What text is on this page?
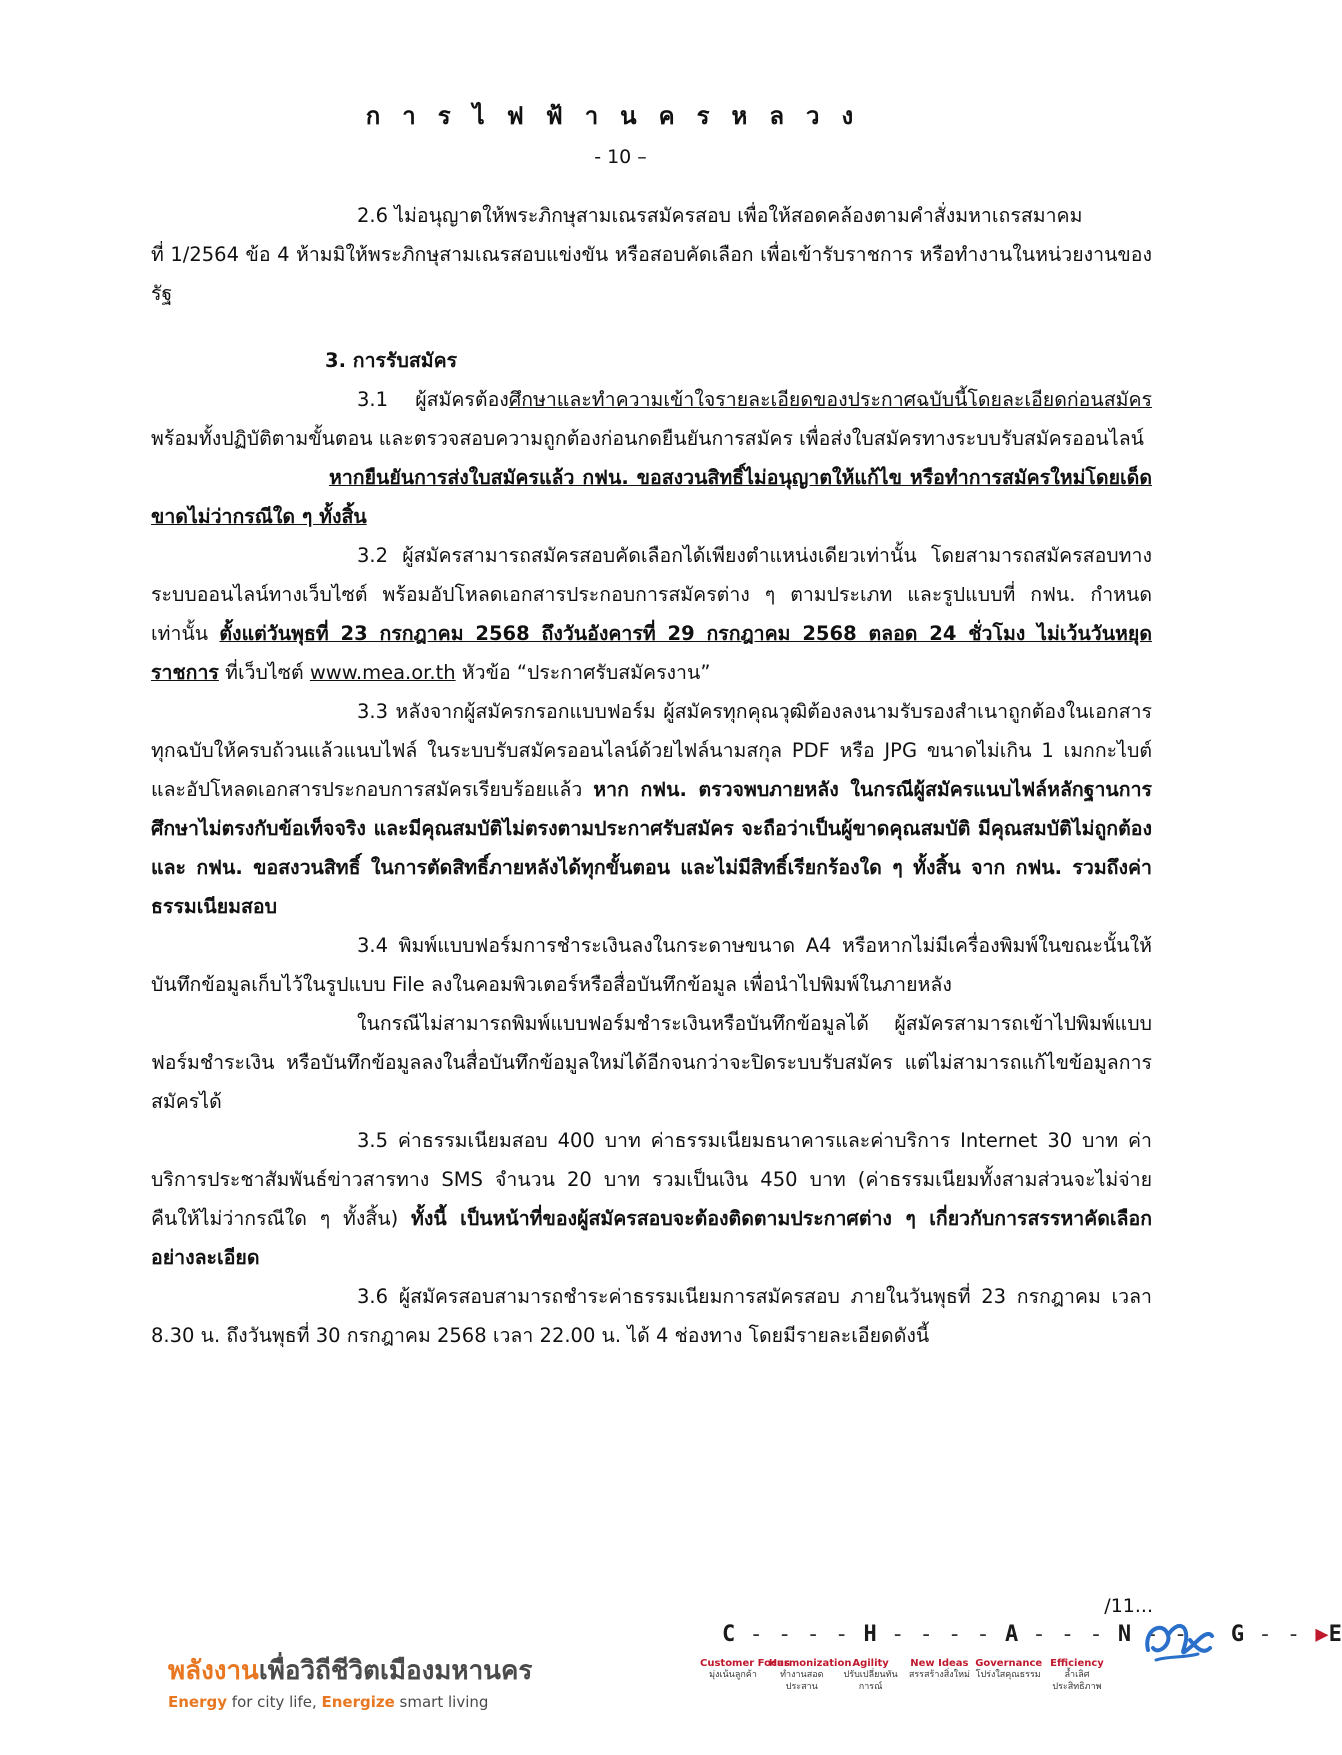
การไฟฟ้านครหลวง
- 10 –

2.6 ไม่อนุญาตให้พระภิกษุสามเณรสมัครสอบ เพื่อให้สอดคล้องตามคำสั่งมหาเถรสมาคม

ที่ 1/2564 ข้อ 4 ห้ามมิให้พระภิกษุสามเณรสอบแข่งขัน หรือสอบคัดเลือก เพื่อเข้ารับราชการ หรือทำงานในหน่วยงานของรัฐ

3. การรับสมัคร

3.1 ผู้สมัครต้องศึกษาและทำความเข้าใจรายละเอียดของประกาศฉบับนี้โดยละเอียดก่อนสมัครพร้อมทั้งปฏิบัติตามขั้นตอน และตรวจสอบความถูกต้องก่อนกดยืนยันการสมัคร เพื่อส่งใบสมัครทางระบบรับสมัครออนไลน์

หากยืนยันการส่งใบสมัครแล้ว กฟน. ขอสงวนสิทธิ์ไม่อนุญาตให้แก้ไข หรือทำการสมัครใหม่โดยเด็ดขาดไม่ว่ากรณีใด ๆ ทั้งสิ้น

3.2 ผู้สมัครสามารถสมัครสอบคัดเลือกได้เพียงตำแหน่งเดียวเท่านั้น โดยสามารถสมัครสอบทางระบบออนไลน์ทางเว็บไซต์ พร้อมอัปโหลดเอกสารประกอบการสมัครต่าง ๆ ตามประเภท และรูปแบบที่ กฟน. กำหนดเท่านั้น ตั้งแต่วันพุธที่ 23 กรกฎาคม 2568 ถึงวันอังคารที่ 29 กรกฎาคม 2568 ตลอด 24 ชั่วโมง ไม่เว้นวันหยุดราชการ ที่เว็บไซต์ www.mea.or.th หัวข้อ “ประกาศรับสมัครงาน”

3.3 หลังจากผู้สมัครกรอกแบบฟอร์ม ผู้สมัครทุกคุณวุฒิต้องลงนามรับรองสำเนาถูกต้องในเอกสารทุกฉบับให้ครบถ้วนแล้วแนบไฟล์ ในระบบรับสมัครออนไลน์ด้วยไฟล์นามสกุล PDF หรือ JPG ขนาดไม่เกิน 1 เมกกะไบต์ และอัปโหลดเอกสารประกอบการสมัครเรียบร้อยแล้ว หาก กฟน. ตรวจพบภายหลัง ในกรณีผู้สมัครแนบไฟล์หลักฐานการศึกษาไม่ตรงกับข้อเท็จจริง และมีคุณสมบัติไม่ตรงตามประกาศรับสมัคร จะถือว่าเป็นผู้ขาดคุณสมบัติ มีคุณสมบัติไม่ถูกต้อง และ กฟน. ขอสงวนสิทธิ์ ในการตัดสิทธิ์ภายหลังได้ทุกขั้นตอน และไม่มีสิทธิ์เรียกร้องใด ๆ ทั้งสิ้น จาก กฟน. รวมถึงค่าธรรมเนียมสอบ

3.4 พิมพ์แบบฟอร์มการชำระเงินลงในกระดาษขนาด A4 หรือหากไม่มีเครื่องพิมพ์ในขณะนั้นให้บันทึกข้อมูลเก็บไว้ในรูปแบบ File ลงในคอมพิวเตอร์หรือสื่อบันทึกข้อมูล เพื่อนำไปพิมพ์ในภายหลัง

ในกรณีไม่สามารถพิมพ์แบบฟอร์มชำระเงินหรือบันทึกข้อมูลได้ ผู้สมัครสามารถเข้าไปพิมพ์แบบฟอร์มชำระเงิน หรือบันทึกข้อมูลลงในสื่อบันทึกข้อมูลใหม่ได้อีกจนกว่าจะปิดระบบรับสมัคร แต่ไม่สามารถแก้ไขข้อมูลการสมัครได้

3.5 ค่าธรรมเนียมสอบ 400 บาท ค่าธรรมเนียมธนาคารและค่าบริการ Internet 30 บาท ค่าบริการประชาสัมพันธ์ข่าวสารทาง SMS จำนวน 20 บาท รวมเป็นเงิน 450 บาท (ค่าธรรมเนียมทั้งสามส่วนจะไม่จ่ายคืนให้ไม่ว่ากรณีใด ๆ ทั้งสิ้น) ทั้งนี้ เป็นหน้าที่ของผู้สมัครสอบจะต้องติดตามประกาศต่าง ๆ เกี่ยวกับการสรรหาคัดเลือกอย่างละเอียด

3.6 ผู้สมัครสอบสามารถชำระค่าธรรมเนียมการสมัครสอบ ภายในวันพุธที่ 23 กรกฎาคม เวลา 8.30 น. ถึงวันพุธที่ 30 กรกฎาคม 2568 เวลา 22.00 น. ได้ 4 ช่องทาง โดยมีรายละเอียดดังนี้

/11...
พลังงานเพื่อวิถีชีวิตเมืองมหานคร
Energy for city life, Energize smart living
C - - - - H - - - - A - - - N - - - G - - ▶E
Customer Focus
มุ่งเน้นลูกค้า
Harmonization
ทำงานสอดประสาน
Agility
ปรับเปลี่ยนทันการณ์
New Ideas
สรรสร้างสิ่งใหม่
Governance
โปร่งใสคุณธรรม
Efficiency
ล้ำเลิศประสิทธิภาพ
